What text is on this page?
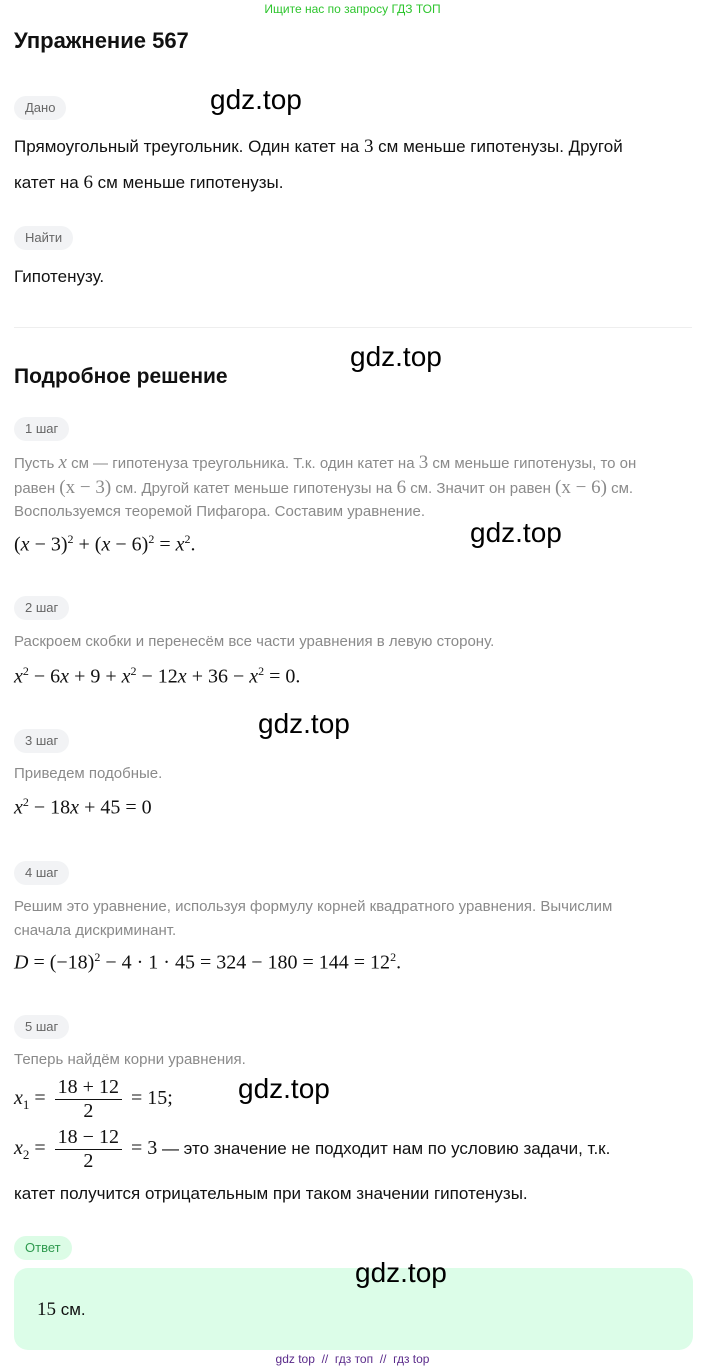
Ищите нас по запросу ГДЗ ТОП
Упражнение 567
Дано
Прямоугольный треугольник. Один катет на 3 см меньше гипотенузы. Другой
катет на 6 см меньше гипотенузы.
Найти
Гипотенузу.
Подробное решение
1 шаг
Пусть x см — гипотенуза треугольника. Т.к. один катет на 3 см меньше гипотенузы, то он
равен (x − 3) см. Другой катет меньше гипотенузы на 6 см. Значит он равен (x − 6) см.
Воспользуемся теоремой Пифагора. Составим уравнение.
$(x - 3)^2 + (x - 6)^2 = x^2$.
2 шаг
Раскроем скобки и перенесём все части уравнения в левую сторону.
$x^2 - 6x + 9 + x^2 - 12x + 36 - x^2 = 0$.
3 шаг
Приведем подобные.
$x^2 - 18x + 45 = 0$
4 шаг
Решим это уравнение, используя формулу корней квадратного уравнения. Вычислим
сначала дискриминант.
$D = (-18)^2 - 4 \cdot 1 \cdot 45 = 324 - 180 = 144 = 12^2$.
5 шаг
Теперь найдём корни уравнения.
$x_1 = \frac{18 + 12}{2} = 15$;
$x_2 = \frac{18 - 12}{2} = 3$ — это значение не подходит нам по условию задачи, т.к.
катет получится отрицательным при таком значении гипотенузы.
Ответ
15 см.
gdz.top
gdz.top
gdz.top
gdz.top
gdz.top
gdz.top
gdz top  //  гдз топ  //  гдз top
